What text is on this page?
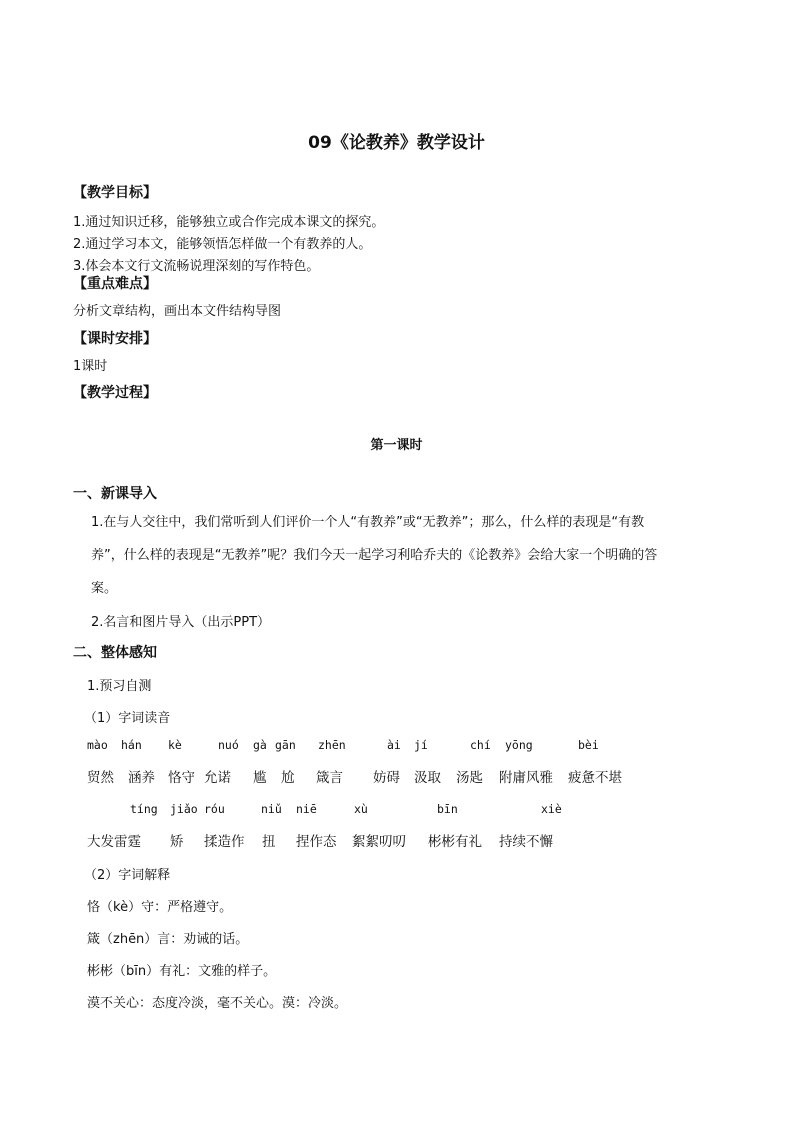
09《论教养》教学设计
【教学目标】
1.通过知识迁移，能够独立或合作完成本课文的探究。
2.通过学习本文，能够领悟怎样做一个有教养的人。
3.体会本文行文流畅说理深刻的写作特色。
【重点难点】
分析文章结构，画出本文件结构导图
【课时安排】
1课时
【教学过程】
第一课时
一、新课导入
1.在与人交往中，我们常听到人们评价一个人“有教养”或“无教养”；那么，什么样的表现是“有教
养”，什么样的表现是“无教养”呢？我们今天一起学习利哈乔夫的《论教养》会给大家一个明确的答
案。
2.名言和图片导入（出示PPT）
二、整体感知
1.预习自测
（1）字词读音
mào hán kè	nuó gà gān zhēn	ài jí	chí yōng	bèi
贸然 涵养 恪守 允诺 尴 尬 箴言 妨碍 汲取 汤匙 附庸风雅 疲惫不堪
tíng jiǎo róu	niǔ niē	xù	bīn	xiè
大发雷霆 矫 揉造作 扭 捏作态 絮絮叨叨 彬彬有礼 持续不懈
（2）字词解释
恪（kè）守：严格遵守。
箴（zhēn）言：劝诫的话。
彬彬（bīn）有礼：文雅的样子。
漠不关心：态度冷淡，毫不关心。漠：冷淡。
